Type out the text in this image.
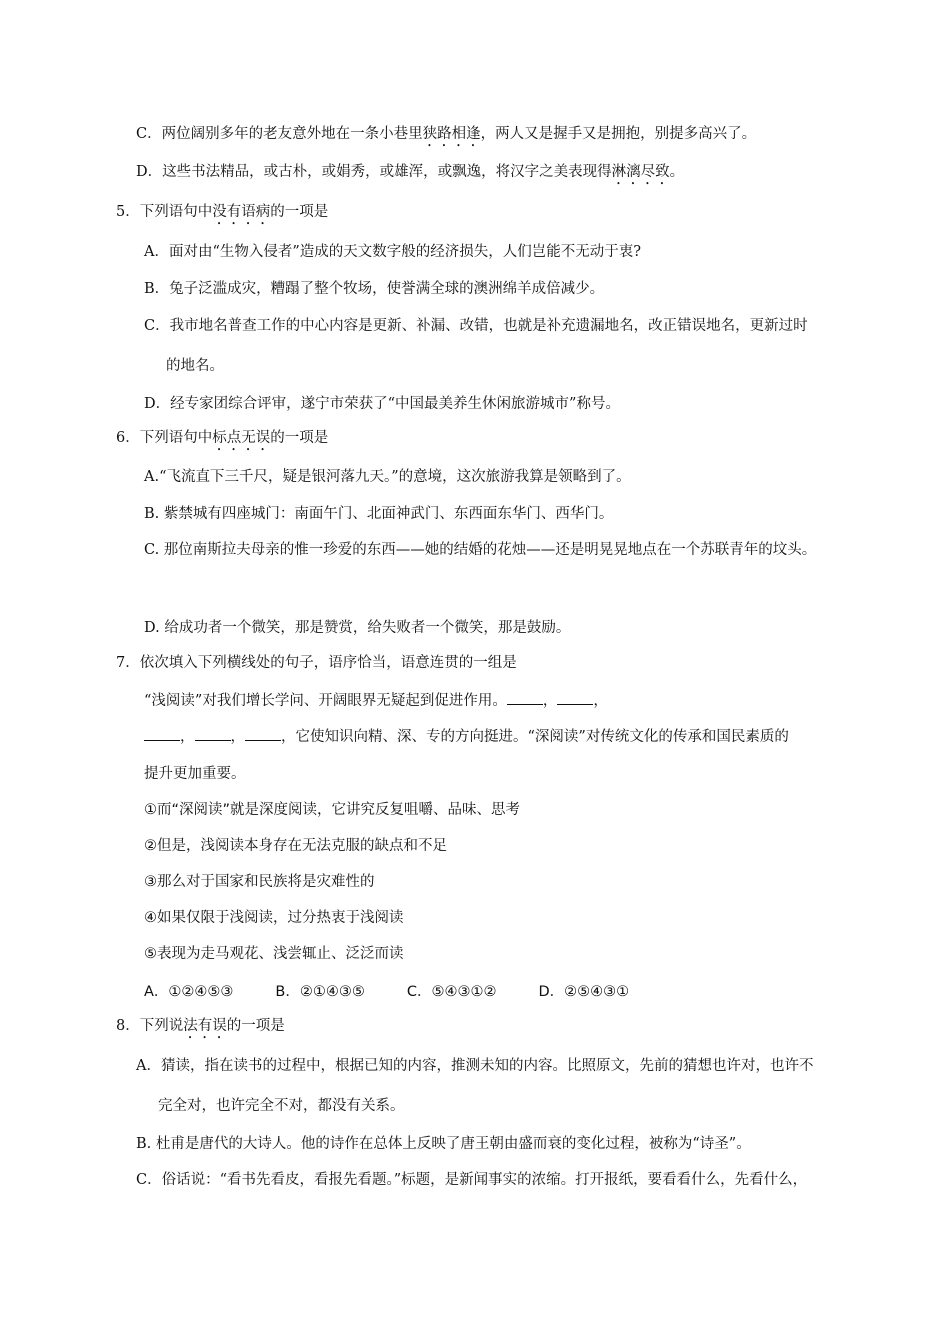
C．两位阔别多年的老友意外地在一条小巷里狭路相逢，两人又是握手又是拥抱，别提多高兴了。
D．这些书法精品，或古朴，或娟秀，或雄浑，或飘逸，将汉字之美表现得淋漓尽致。
5．下列语句中没有语病的一项是
A．面对由“生物入侵者”造成的天文数字般的经济损失，人们岂能不无动于衷?
B．兔子泛滥成灾，糟蹋了整个牧场，使誉满全球的澳洲绵羊成倍减少。
C．我市地名普查工作的中心内容是更新、补漏、改错，也就是补充遗漏地名，改正错误地名，更新过时
的地名。
D．经专家团综合评审，遂宁市荣获了“中国最美养生休闲旅游城市”称号。
6．下列语句中标点无误的一项是
A.“飞流直下三千尺，疑是银河落九天。”的意境，这次旅游我算是领略到了。
B. 紫禁城有四座城门：南面午门、北面神武门、东西面东华门、西华门。
C. 那位南斯拉夫母亲的惟一珍爱的东西——她的结婚的花烛——还是明晃晃地点在一个苏联青年的坟头。
D. 给成功者一个微笑，那是赞赏，给失败者一个微笑，那是鼓励。
7．依次填入下列横线处的句子，语序恰当，语意连贯的一组是
“浅阅读”对我们增长学问、开阔眼界无疑起到促进作用。 ， ，
， ， ，它使知识向精、深、专的方向挺进。“深阅读”对传统文化的传承和国民素质的
提升更加重要。
①而“深阅读”就是深度阅读，它讲究反复咀嚼、品味、思考
②但是，浅阅读本身存在无法克服的缺点和不足
③那么对于国家和民族将是灾难性的
④如果仅限于浅阅读，过分热衷于浅阅读
⑤表现为走马观花、浅尝辄止、泛泛而读
A．①②④⑤③	B．②①④③⑤	C．⑤④③①②	D．②⑤④③①
8．下列说法有误的一项是
A．猜读，指在读书的过程中，根据已知的内容，推测未知的内容。比照原文，先前的猜想也许对，也许不
完全对，也许完全不对，都没有关系。
B. 杜甫是唐代的大诗人。他的诗作在总体上反映了唐王朝由盛而衰的变化过程，被称为“诗圣”。
C．俗话说：“看书先看皮，看报先看题。”标题，是新闻事实的浓缩。打开报纸，要看看什么，先看什么，
